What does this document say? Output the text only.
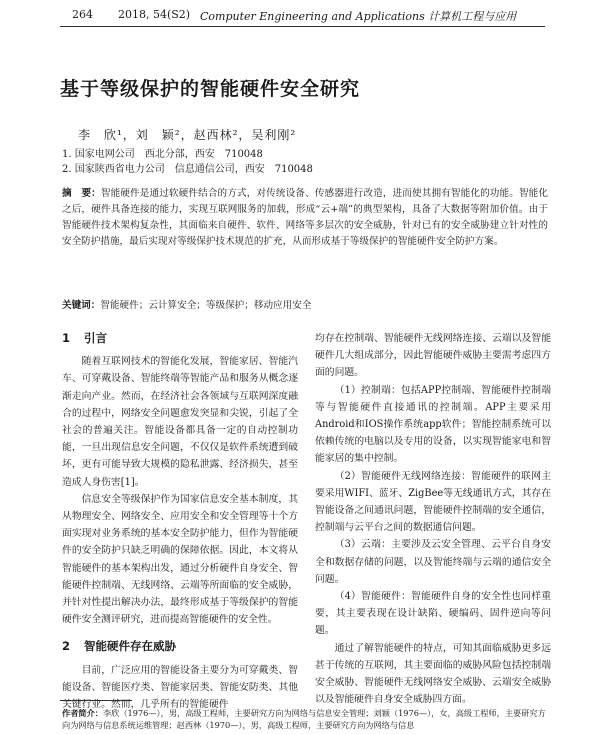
264 2018, 54(S2) Computer Engineering and Applications 计算机工程与应用
基于等级保护的智能硬件安全研究
李　欣¹，刘　颖²，赵西林²，吴利刚²
1. 国家电网公司　西北分部，西安　710048
2. 国家陕西省电力公司　信息通信公司，西安　710048
摘　要：智能硬件是通过软硬件结合的方式，对传统设备、传感器进行改造，进而使其拥有智能化的功能。智能化之后，硬件具备连接的能力，实现互联网服务的加载，形成“云+端”的典型架构，具备了大数据等附加价值。由于智能硬件技术架构复杂性，其面临来自硬件、软件、网络等多层次的安全威胁，针对已有的安全威胁建立针对性的安全防护措施，最后实现对等级保护技术规范的扩充，从而形成基于等级保护的智能硬件安全防护方案。
关键词：智能硬件；云计算安全；等级保护；移动应用安全
1 引言

随着互联网技术的智能化发展，智能家居、智能汽车、可穿戴设备、智能终端等智能产品和服务从概念逐渐走向产业。然而，在经济社会各领域与互联网深度融合的过程中，网络安全问题愈发突显和尖锐，引起了全社会的普遍关注。智能设备都具备一定的自动控制功能，一旦出现信息安全问题，不仅仅是软件系统遭到破坏，更有可能导致大规模的隐私泄露、经济损失，甚至造成人身伤害[1]。

信息安全等级保护作为国家信息安全基本制度，其从物理安全、网络安全、应用安全和安全管理等十个方面实现对业务系统的基本安全防护能力，但作为智能硬件的安全防护只缺乏明确的保障依据。因此，本文将从智能硬件的基本架构出发，通过分析硬件自身安全、智能硬件控制端、无线网络、云端等所面临的安全威胁，并针对性提出解决办法，最终形成基于等级保护的智能硬件安全测评研究，进而提高智能硬件的安全性。

2 智能硬件存在威胁

目前，广泛应用的智能设备主要分为可穿戴类、智能设备、智能医疗类、智能家居类、智能安防类、其他关键行业。然而，几乎所有的智能硬件

均存在控制端、智能硬件无线网络连接、云端以及智能硬件几大组成部分，因此智能硬件威胁主要需考虑四方面的问题。

（1）控制端：包括APP控制端、智能硬件控制端等与智能硬件直接通讯的控制端。APP主要采用Android和IOS操作系统app软件；智能控制系统可以依赖传统的电脑以及专用的设备，以实现智能家电和智能家居的集中控制。

（2）智能硬件无线网络连接：智能硬件的联网主要采用WIFI、蓝牙、ZigBee等无线通讯方式，其存在智能设备之间通讯问题，智能硬件控制端的安全通信，控制端与云平台之间的数据通信问题。

（3）云端：主要涉及云安全管理、云平台自身安全和数据存储的问题，以及智能终端与云端的通信安全问题。

（4）智能硬件：智能硬件自身的安全性也同样重要，其主要表现在设计缺陷、硬编码、固件逆向等问题。

通过了解智能硬件的特点，可知其面临威胁更多远甚于传统的互联网，其主要面临的威胁风险包括控制端安全威胁、智能硬件无线网络安全威胁、云端安全威胁以及智能硬件自身安全威胁四方面。

作者简介：李欣（1976—），男，高级工程师，主要研究方向为网络与信息安全管理；刘颖（1976—），女，高级工程师，主要研究方向为网络与信息系统运维管理；赵西林（1970—），男，高级工程师，主要研究方向为网络与信息
